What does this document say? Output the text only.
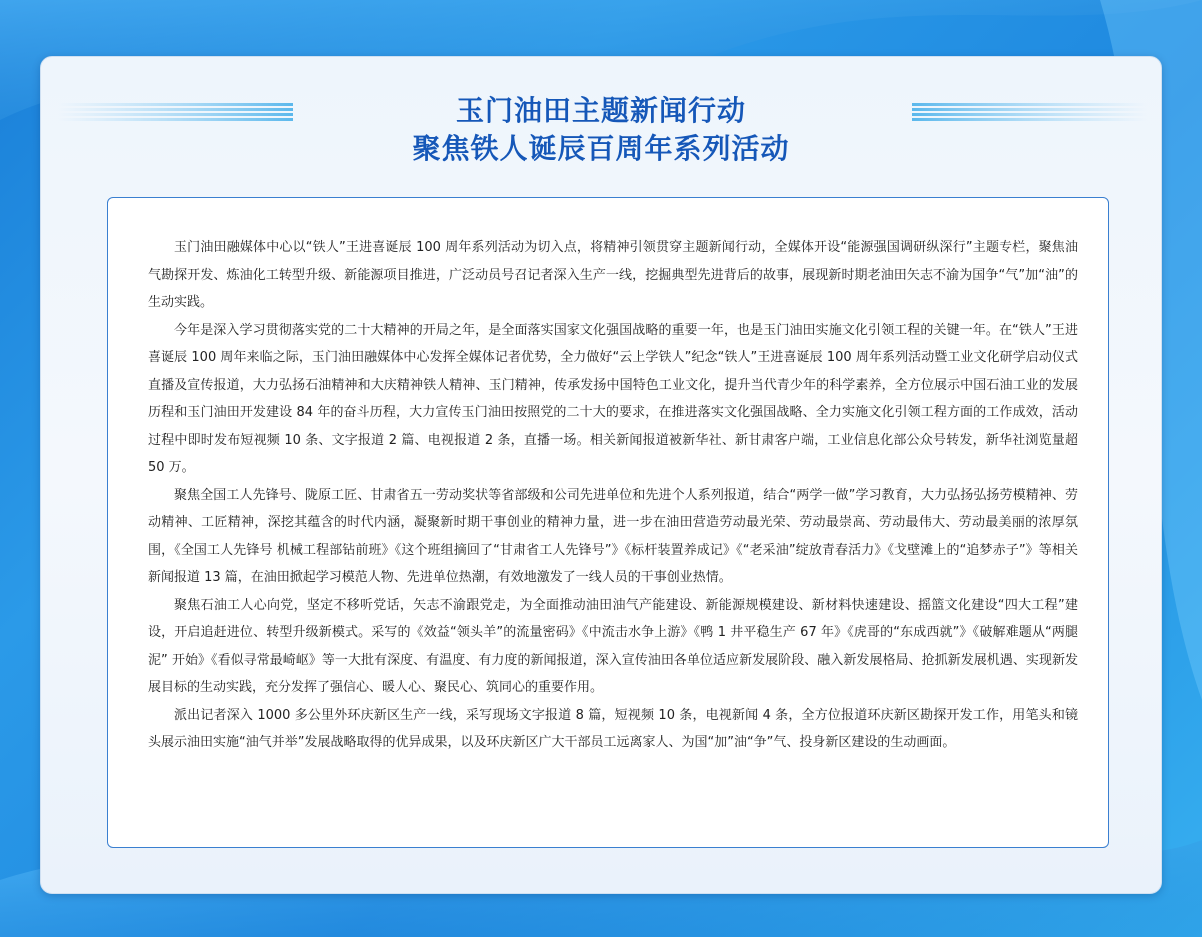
玉门油田主题新闻行动
聚焦铁人诞辰百周年系列活动

玉门油田融媒体中心以“铁人”王进喜诞辰 100 周年系列活动为切入点，将精神引领贯穿主题新闻行动，全媒体开设“能源强国调研纵深行”主题专栏，聚焦油气勘探开发、炼油化工转型升级、新能源项目推进，广泛动员号召记者深入生产一线，挖掘典型先进背后的故事，展现新时期老油田矢志不渝为国争“气”加“油”的生动实践。

今年是深入学习贯彻落实党的二十大精神的开局之年，是全面落实国家文化强国战略的重要一年，也是玉门油田实施文化引领工程的关键一年。在“铁人”王进喜诞辰 100 周年来临之际，玉门油田融媒体中心发挥全媒体记者优势，全力做好“云上学铁人”纪念“铁人”王进喜诞辰 100 周年系列活动暨工业文化研学启动仪式直播及宣传报道，大力弘扬石油精神和大庆精神铁人精神、玉门精神，传承发扬中国特色工业文化，提升当代青少年的科学素养，全方位展示中国石油工业的发展历程和玉门油田开发建设 84 年的奋斗历程，大力宣传玉门油田按照党的二十大的要求，在推进落实文化强国战略、全力实施文化引领工程方面的工作成效，活动过程中即时发布短视频 10 条、文字报道 2 篇、电视报道 2 条，直播一场。相关新闻报道被新华社、新甘肃客户端，工业信息化部公众号转发，新华社浏览量超 50 万。

聚焦全国工人先锋号、陇原工匠、甘肃省五一劳动奖状等省部级和公司先进单位和先进个人系列报道，结合“两学一做”学习教育，大力弘扬弘扬劳模精神、劳动精神、工匠精神，深挖其蕴含的时代内涵，凝聚新时期干事创业的精神力量，进一步在油田营造劳动最光荣、劳动最崇高、劳动最伟大、劳动最美丽的浓厚氛围，《全国工人先锋号 机械工程部钻前班》《这个班组摘回了“甘肃省工人先锋号”》《标杆装置养成记》《“老采油”绽放青春活力》《戈壁滩上的“追梦赤子”》等相关新闻报道 13 篇，在油田掀起学习模范人物、先进单位热潮，有效地激发了一线人员的干事创业热情。

聚焦石油工人心向党，坚定不移听党话，矢志不渝跟党走，为全面推动油田油气产能建设、新能源规模建设、新材料快速建设、摇篮文化建设“四大工程”建设，开启追赶进位、转型升级新模式。采写的《效益“领头羊”的流量密码》《中流击水争上游》《鸭 1 井平稳生产 67 年》《虎哥的“东成西就”》《破解难题从“两腿泥” 开始》《看似寻常最崎岖》等一大批有深度、有温度、有力度的新闻报道，深入宣传油田各单位适应新发展阶段、融入新发展格局、抢抓新发展机遇、实现新发展目标的生动实践，充分发挥了强信心、暖人心、聚民心、筑同心的重要作用。

派出记者深入 1000 多公里外环庆新区生产一线，采写现场文字报道 8 篇，短视频 10 条，电视新闻 4 条，全方位报道环庆新区勘探开发工作，用笔头和镜头展示油田实施“油气并举”发展战略取得的优异成果，以及环庆新区广大干部员工远离家人、为国“加”油“争”气、投身新区建设的生动画面。
